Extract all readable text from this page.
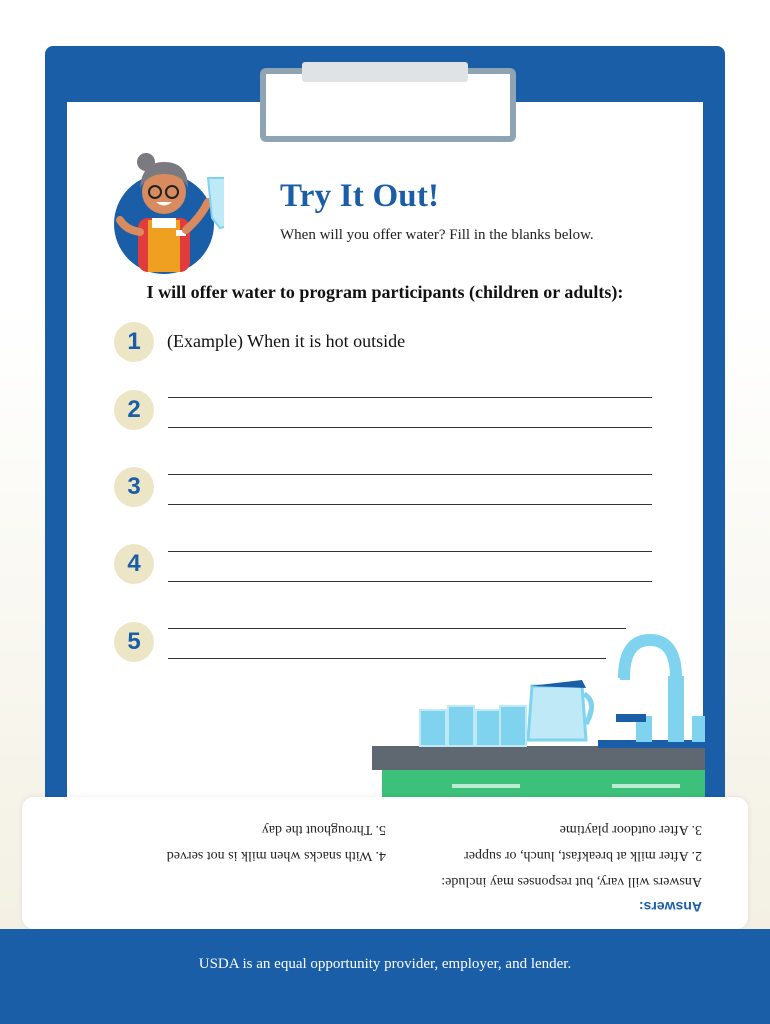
Try It Out!

When will you offer water? Fill in the blanks below.

I will offer water to program participants (children or adults):

1	(Example) When it is hot outside

2
3
4
5

Answers:

Answers will vary, but responses may include:

2. After milk at breakfast, lunch, or supper

3. After outdoor playtime

4. With snacks when milk is not served

5. Throughout the day

USDA is an equal opportunity provider, employer, and lender.
